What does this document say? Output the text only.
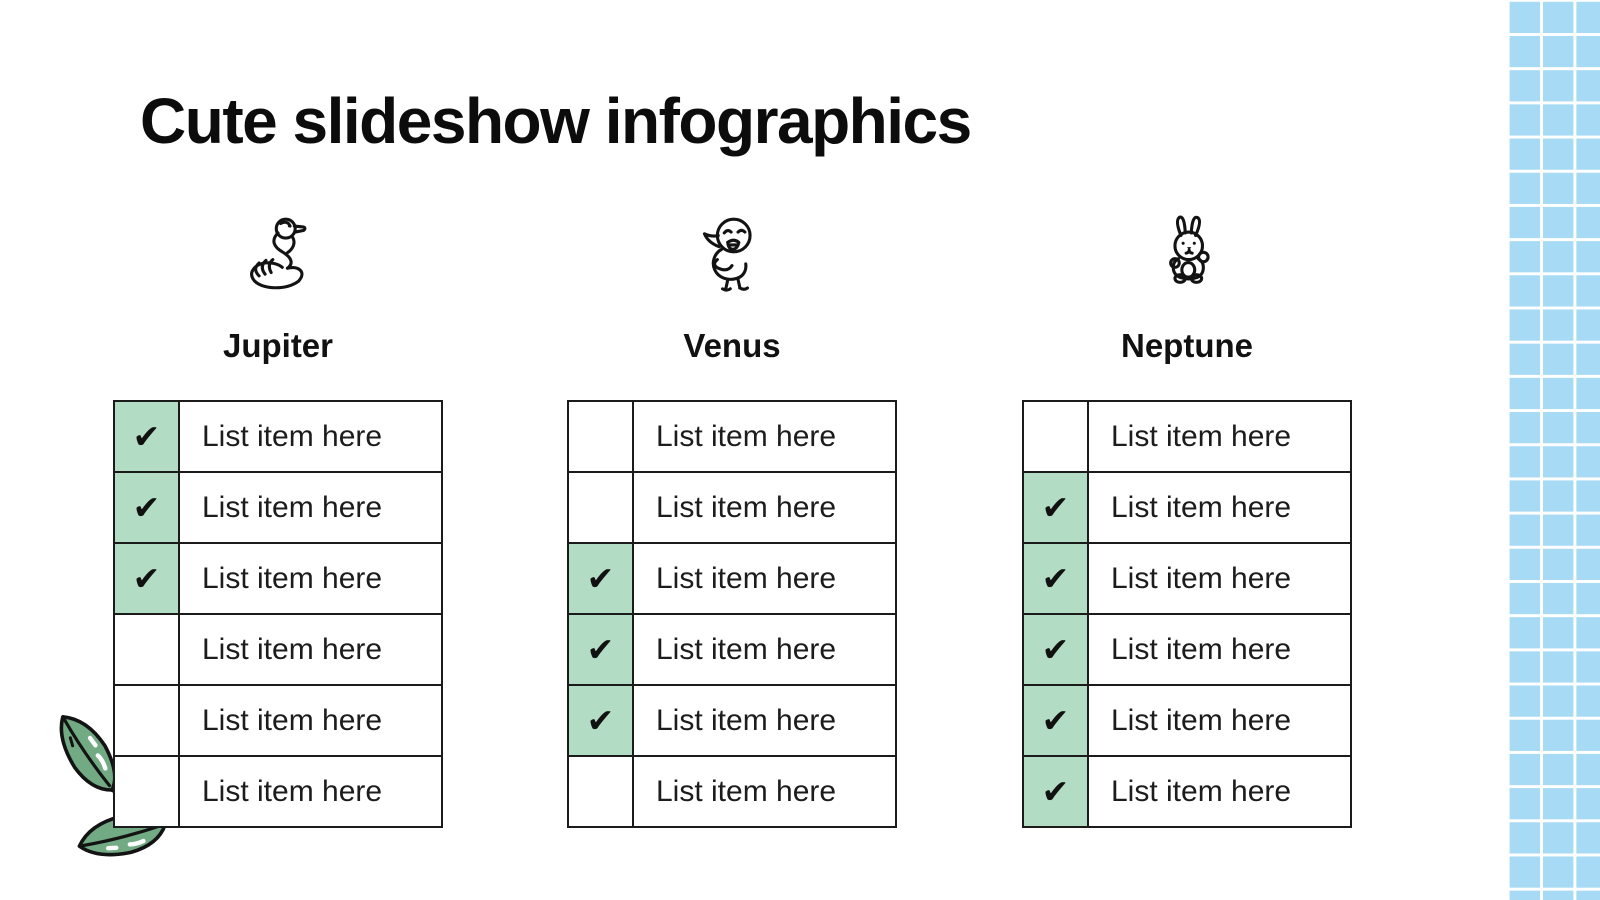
Cute slideshow infographics
Jupiter
✔	List item here
✔	List item here
✔	List item here
	List item here
	List item here
	List item here
Venus
	List item here
	List item here
✔	List item here
✔	List item here
✔	List item here
	List item here
Neptune
	List item here
✔	List item here
✔	List item here
✔	List item here
✔	List item here
✔	List item here
